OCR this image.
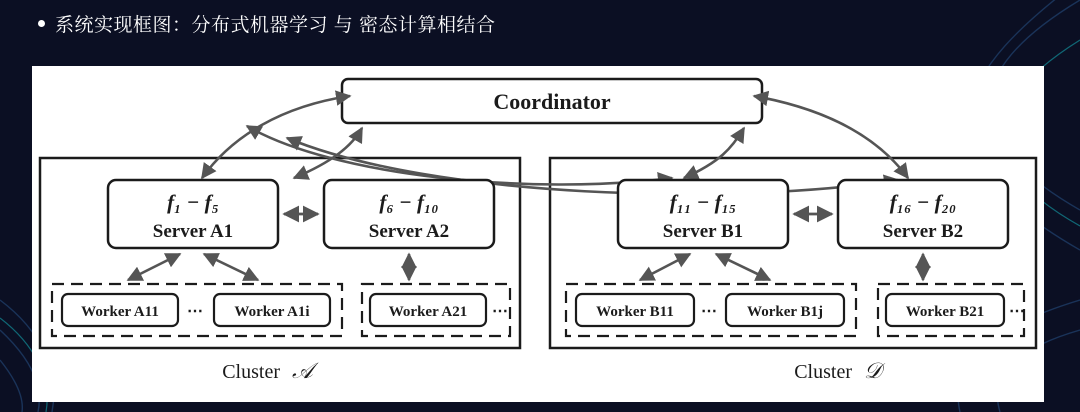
系统实现框图：分布式机器学习 与 密态计算相结合
Coordinator
f₁ − f₅
Server A1
f₆ − f₁₀
Server A2
f₁₁ − f₁₅
Server B1
f₁₆ − f₂₀
Server B2
Worker A11 ⋯ Worker A1i	Worker A21 ⋯	Worker B11 ⋯ Worker B1j	Worker B21 ⋯
Cluster 𝒜	Cluster 𝒟
